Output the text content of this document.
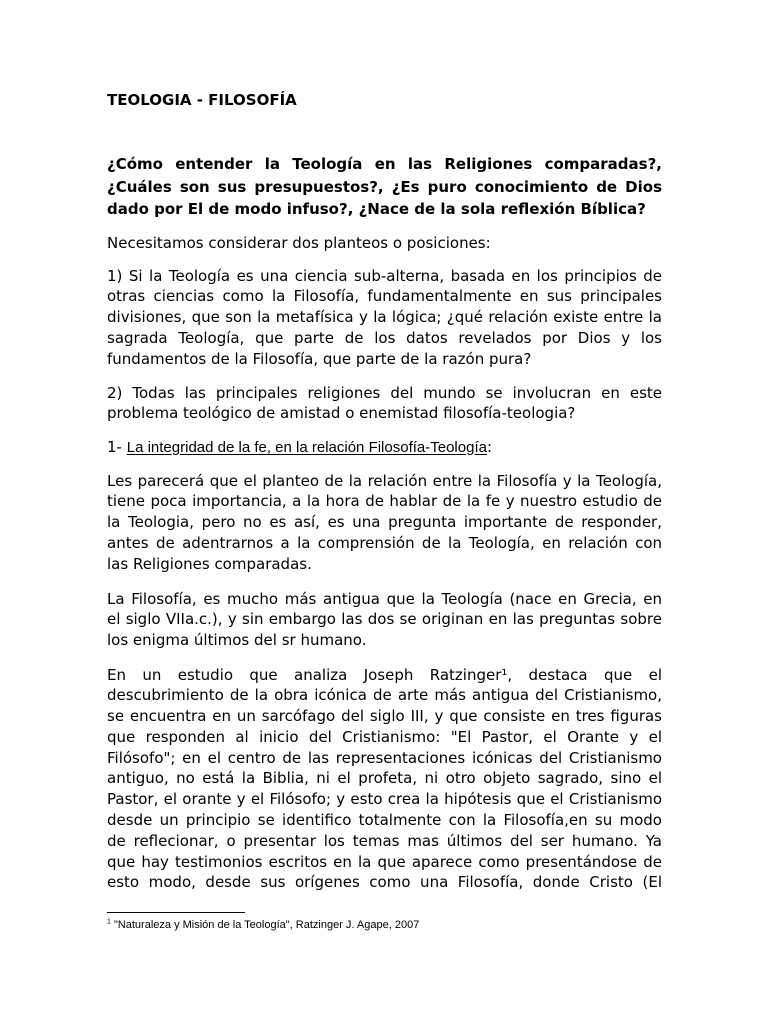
TEOLOGIA - FILOSOFÍA
¿Cómo entender la Teología en las Religiones comparadas?,
¿Cuáles son sus presupuestos?, ¿Es puro conocimiento de Dios
dado por El de modo infuso?, ¿Nace de la sola reflexión Bíblica?
Necesitamos considerar dos planteos o posiciones:
1) Si la Teología es una ciencia sub-alterna, basada en los principios de
otras ciencias como la Filosofía, fundamentalmente en sus principales
divisiones, que son la metafísica y la lógica; ¿qué relación existe entre la
sagrada Teología, que parte de los datos revelados por Dios y los
fundamentos de la Filosofía, que parte de la razón pura?
2) Todas las principales religiones del mundo se involucran en este
problema teológico de amistad o enemistad filosofía-teologia?
1- La integridad de la fe, en la relación Filosofía-Teología:
Les parecerá que el planteo de la relación entre la Filosofía y la Teología,
tiene poca importancia, a la hora de hablar de la fe y nuestro estudio de
la Teologia, pero no es así, es una pregunta importante de responder,
antes de adentrarnos a la comprensión de la Teología, en relación con
las Religiones comparadas.
La Filosofía, es mucho más antigua que la Teología (nace en Grecia, en
el siglo VIIa.c.), y sin embargo las dos se originan en las preguntas sobre
los enigma últimos del sr humano.
En un estudio que analiza Joseph Ratzinger¹, destaca que el
descubrimiento de la obra icónica de arte más antigua del Cristianismo,
se encuentra en un sarcófago del siglo III, y que consiste en tres figuras
que responden al inicio del Cristianismo: "El Pastor, el Orante y el
Filósofo"; en el centro de las representaciones icónicas del Cristianismo
antiguo, no está la Biblia, ni el profeta, ni otro objeto sagrado, sino el
Pastor, el orante y el Filósofo; y esto crea la hipótesis que el Cristianismo
desde un principio se identifico totalmente con la Filosofía,en su modo
de reflecionar, o presentar los temas mas últimos del ser humano. Ya
que hay testimonios escritos en la que aparece como presentándose de
esto modo, desde sus orígenes como una Filosofía, donde Cristo (El
$^1$ "Naturaleza y Misión de la Teología", Ratzinger J. Agape, 2007
